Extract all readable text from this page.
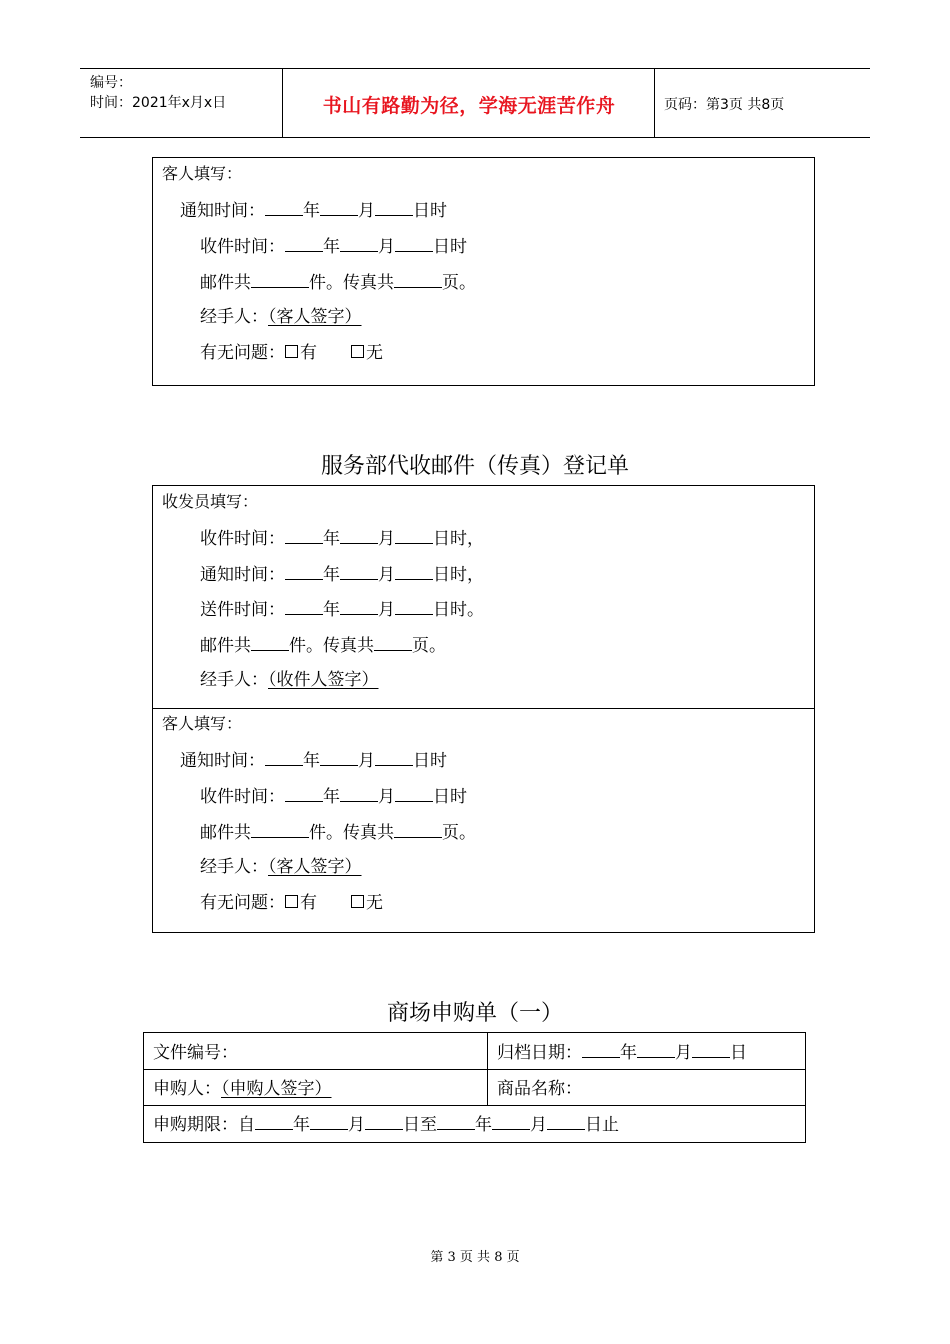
编号：
时间：2021年x月x日	书山有路勤为径，学海无涯苦作舟	页码：第3页 共8页
客人填写：
通知时间： 年 月 日时
收件时间： 年 月 日时
邮件共	件。传真共	页。
经手人：（客人签字）
有无问题： 有	无
服务部代收邮件（传真）登记单
收发员填写：
收件时间： 年 月 日时，
通知时间： 年 月 日时，
送件时间： 年 月 日时。
邮件共 件。传真共 页。
经手人：（收件人签字）
客人填写：
通知时间： 年 月 日时
收件时间： 年 月 日时
邮件共	件。传真共	页。
经手人：（客人签字）
有无问题： 有	无
商场申购单（一）
文件编号：	归档日期： 年 月 日
申购人：（申购人签字）	商品名称：
申购期限：自 年 月 日至 年 月 日止
第 3 页 共 8 页
